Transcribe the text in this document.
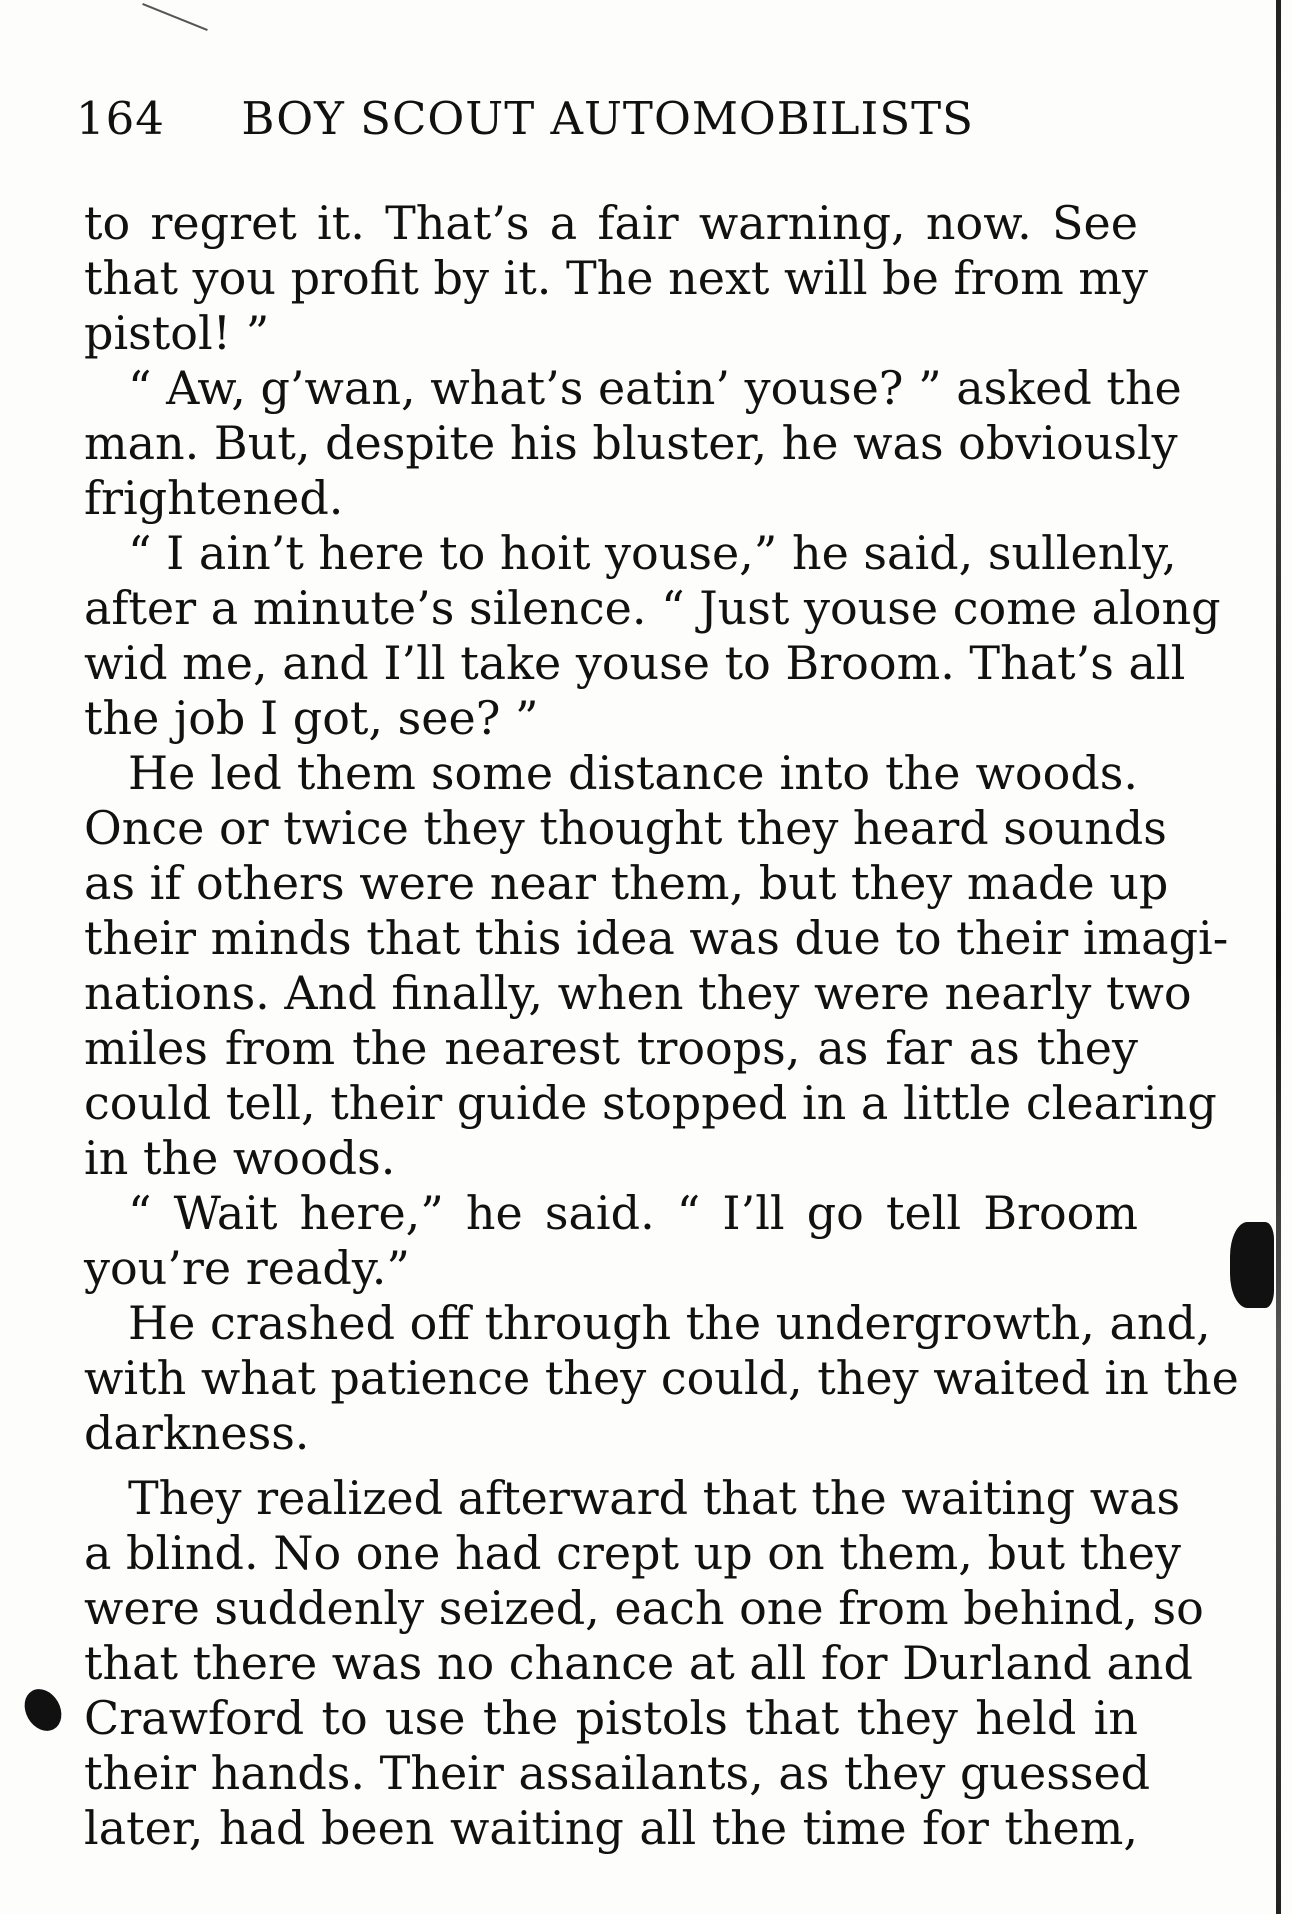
164 BOY SCOUT AUTOMOBILISTS
to regret it. That’s a fair warning, now. See
that you profit by it. The next will be from my
pistol! ”
“ Aw, g’wan, what’s eatin’ youse? ” asked the
man. But, despite his bluster, he was obviously
frightened.
“ I ain’t here to hoit youse,” he said, sullenly,
after a minute’s silence. “ Just youse come along
wid me, and I’ll take youse to Broom. That’s all
the job I got, see? ”
He led them some distance into the woods.
Once or twice they thought they heard sounds
as if others were near them, but they made up
their minds that this idea was due to their imagi-
nations. And finally, when they were nearly two
miles from the nearest troops, as far as they
could tell, their guide stopped in a little clearing
in the woods.
“ Wait here,” he said. “ I’ll go tell Broom
you’re ready.”
He crashed off through the undergrowth, and,
with what patience they could, they waited in the
darkness.
They realized afterward that the waiting was
a blind. No one had crept up on them, but they
were suddenly seized, each one from behind, so
that there was no chance at all for Durland and
Crawford to use the pistols that they held in
their hands. Their assailants, as they guessed
later, had been waiting all the time for them,
